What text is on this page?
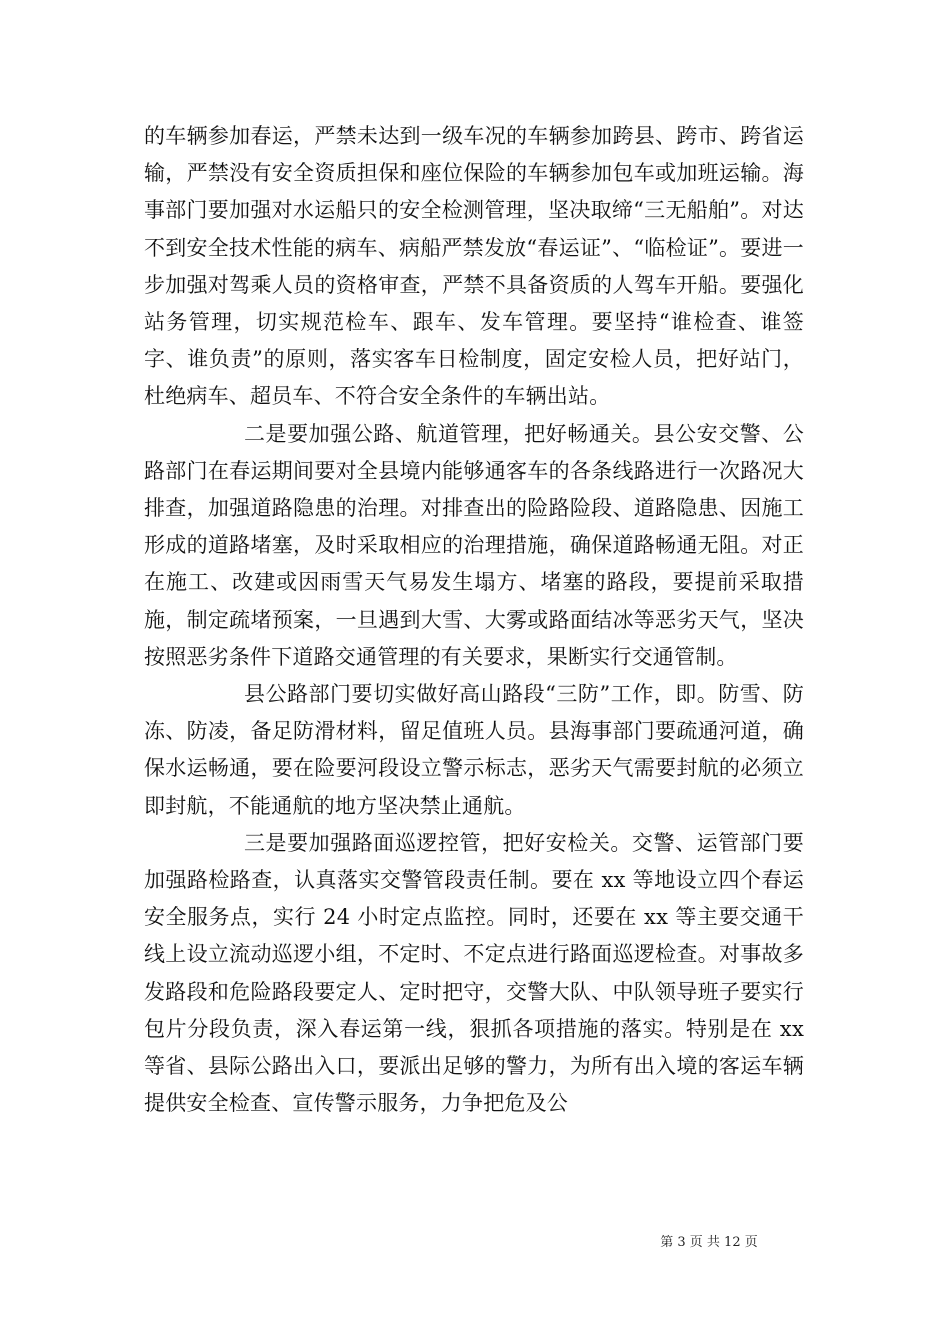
的车辆参加春运，严禁未达到一级车况的车辆参加跨县、跨市、跨省运输，严禁没有安全资质担保和座位保险的车辆参加包车或加班运输。海事部门要加强对水运船只的安全检测管理，坚决取缔“三无船舶”。对达不到安全技术性能的病车、病船严禁发放“春运证”、“临检证”。要进一步加强对驾乘人员的资格审查，严禁不具备资质的人驾车开船。要强化站务管理，切实规范检车、跟车、发车管理。要坚持“谁检查、谁签字、谁负责”的原则，落实客车日检制度，固定安检人员，把好站门，杜绝病车、超员车、不符合安全条件的车辆出站。

二是要加强公路、航道管理，把好畅通关。县公安交警、公路部门在春运期间要对全县境内能够通客车的各条线路进行一次路况大排查，加强道路隐患的治理。对排查出的险路险段、道路隐患、因施工形成的道路堵塞，及时采取相应的治理措施，确保道路畅通无阻。对正在施工、改建或因雨雪天气易发生塌方、堵塞的路段，要提前采取措施，制定疏堵预案，一旦遇到大雪、大雾或路面结冰等恶劣天气，坚决按照恶劣条件下道路交通管理的有关要求，果断实行交通管制。

县公路部门要切实做好高山路段“三防”工作，即。防雪、防冻、防凌，备足防滑材料，留足值班人员。县海事部门要疏通河道，确保水运畅通，要在险要河段设立警示标志，恶劣天气需要封航的必须立即封航，不能通航的地方坚决禁止通航。

三是要加强路面巡逻控管，把好安检关。交警、运管部门要加强路检路查，认真落实交警管段责任制。要在 xx 等地设立四个春运安全服务点，实行 24 小时定点监控。同时，还要在 xx 等主要交通干线上设立流动巡逻小组，不定时、不定点进行路面巡逻检查。对事故多发路段和危险路段要定人、定时把守，交警大队、中队领导班子要实行包片分段负责，深入春运第一线，狠抓各项措施的落实。特别是在 xx 等省、县际公路出入口，要派出足够的警力，为所有出入境的客运车辆提供安全检查、宣传警示服务，力争把危及公

第 3 页 共 12 页
